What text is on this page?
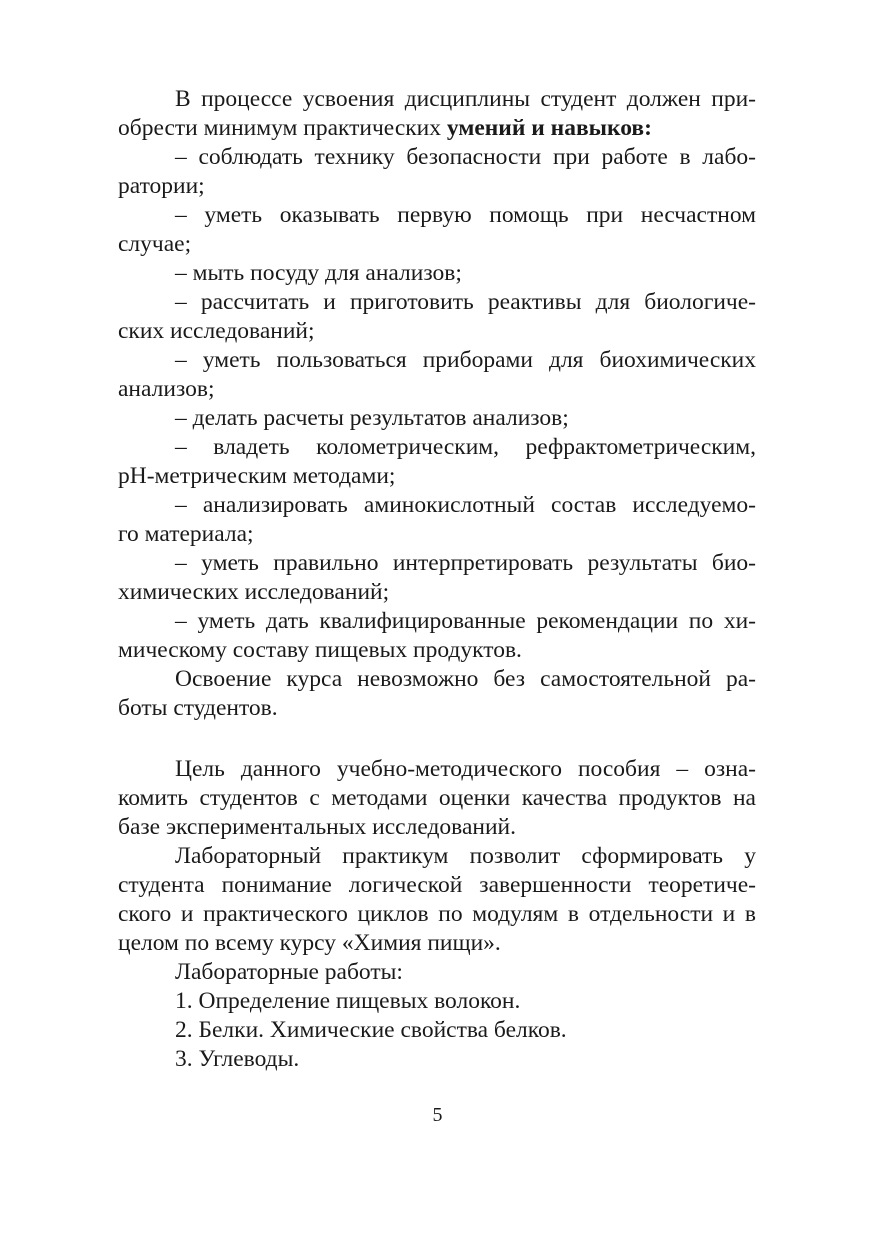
В процессе усвоения дисциплины студент должен при-
обрести минимум практических умений и навыков:
– соблюдать технику безопасности при работе в лабо-
ратории;
– уметь оказывать первую помощь при несчастном
случае;
– мыть посуду для анализов;
– рассчитать и приготовить реактивы для биологиче-
ских исследований;
– уметь пользоваться приборами для биохимических
анализов;
– делать расчеты результатов анализов;
– владеть колометрическим, рефрактометрическим,
рН-метрическим методами;
– анализировать аминокислотный состав исследуемо-
го материала;
– уметь правильно интерпретировать результаты био-
химических исследований;
– уметь дать квалифицированные рекомендации по хи-
мическому составу пищевых продуктов.
Освоение курса невозможно без самостоятельной ра-
боты студентов.
Цель данного учебно-методического пособия – озна-
комить студентов с методами оценки качества продуктов на
базе экспериментальных исследований.
Лабораторный практикум позволит сформировать у
студента понимание логической завершенности теоретиче-
ского и практического циклов по модулям в отдельности и в
целом по всему курсу «Химия пищи».
Лабораторные работы:
1. Определение пищевых волокон.
2. Белки. Химические свойства белков.
3. Углеводы.
5
